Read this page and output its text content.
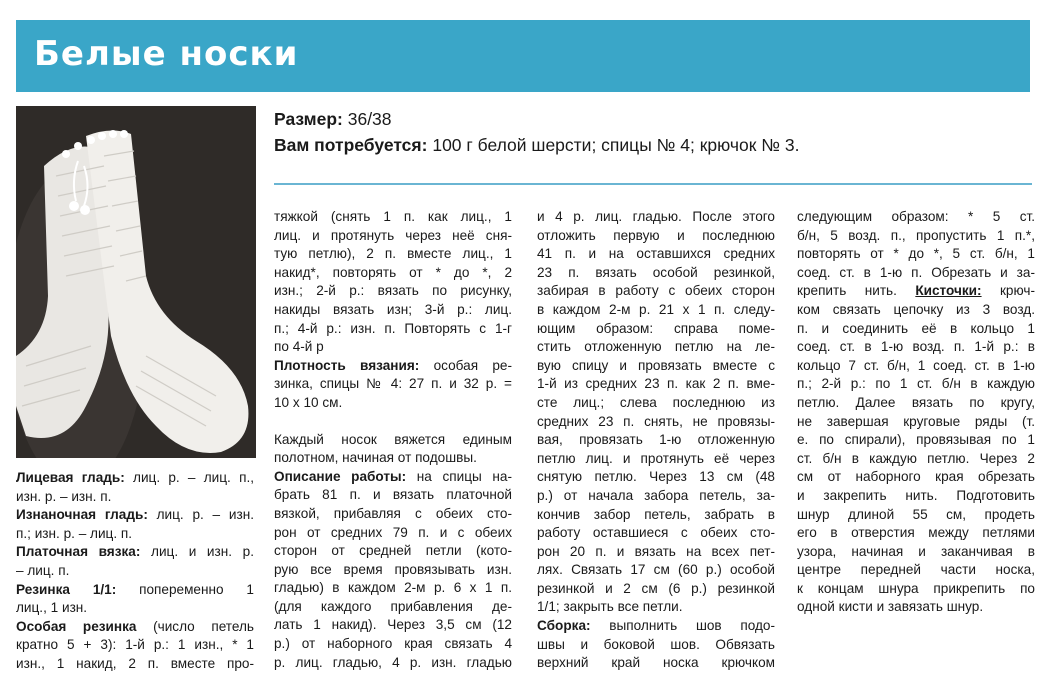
Белые носки
Размер: 36/38
Вам потребуется: 100 г белой шерсти; спицы № 4; крючок № 3.
Лицевая гладь: лиц. р. – лиц. п.,
изн. р. – изн. п.
Изнаночная гладь: лиц. р. – изн.
п.; изн. р. – лиц. п.
Платочная вязка: лиц. и изн. р.
– лиц. п.
Резинка 1/1: попеременно 1
лиц., 1 изн.
Особая резинка (число петель
кратно 5 + 3): 1-й р.: 1 изн., * 1
изн., 1 накид, 2 п. вместе про-
тяжкой (снять 1 п. как лиц., 1
лиц. и протянуть через неё сня-
тую петлю), 2 п. вместе лиц., 1
накид*, повторять от * до *, 2
изн.; 2-й р.: вязать по рисунку,
накиды вязать изн; 3-й р.: лиц.
п.; 4-й р.: изн. п. Повторять с 1-г
по 4-й р
Плотность вязания: особая ре-
зинка, спицы № 4: 27 п. и 32 р. =
10 х 10 см.
Каждый носок вяжется единым
полотном, начиная от подошвы.
Описание работы: на спицы на-
брать 81 п. и вязать платочной
вязкой, прибавляя с обеих сто-
рон от средних 79 п. и с обеих
сторон от средней петли (кото-
рую все время провязывать изн.
гладью) в каждом 2-м р. 6 х 1 п.
(для каждого прибавления де-
лать 1 накид). Через 3,5 см (12
р.) от наборного края связать 4
р. лиц. гладью, 4 р. изн. гладью
и 4 р. лиц. гладью. После этого
отложить первую и последнюю
41 п. и на оставшихся средних
23 п. вязать особой резинкой,
забирая в работу с обеих сторон
в каждом 2-м р. 21 х 1 п. следу-
ющим образом: справа поме-
стить отложенную петлю на ле-
вую спицу и провязать вместе с
1-й из средних 23 п. как 2 п. вме-
сте лиц.; слева последнюю из
средних 23 п. снять, не провязы-
вая, провязать 1-ю отложенную
петлю лиц. и протянуть её через
снятую петлю. Через 13 см (48
р.) от начала забора петель, за-
кончив забор петель, забрать в
работу оставшиеся с обеих сто-
рон 20 п. и вязать на всех пет-
лях. Связать 17 см (60 р.) особой
резинкой и 2 см (6 р.) резинкой
1/1; закрыть все петли.
Сборка: выполнить шов подо-
швы и боковой шов. Обвязать
верхний край носка крючком
следующим образом: * 5 ст.
б/н, 5 возд. п., пропустить 1 п.*,
повторять от * до *, 5 ст. б/н, 1
соед. ст. в 1-ю п. Обрезать и за-
крепить нить. Кисточки: крюч-
ком связать цепочку из 3 возд.
п. и соединить её в кольцо 1
соед. ст. в 1-ю возд. п. 1-й р.: в
кольцо 7 ст. б/н, 1 соед. ст. в 1-ю
п.; 2-й р.: по 1 ст. б/н в каждую
петлю. Далее вязать по кругу,
не завершая круговые ряды (т.
е. по спирали), провязывая по 1
ст. б/н в каждую петлю. Через 2
см от наборного края обрезать
и закрепить нить. Подготовить
шнур длиной 55 см, продеть
его в отверстия между петлями
узора, начиная и заканчивая в
центре передней части носка,
к концам шнура прикрепить по
одной кисти и завязать шнур.
